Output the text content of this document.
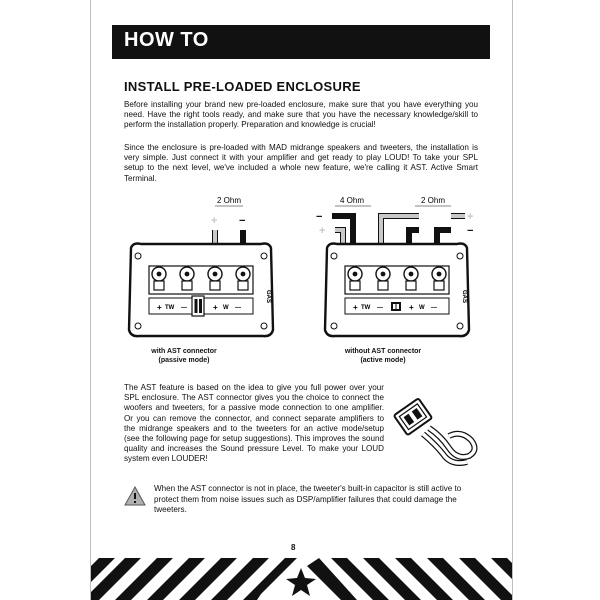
HOW TO
INSTALL PRE-LOADED ENCLOSURE
Before installing your brand new pre-loaded enclosure, make sure that you have everything you need. Have the right tools ready, and make sure that you have the necessary knowledge/skill to perform the installation properly. Preparation and knowledge is crucial!
Since the enclosure is pre-loaded with MAD midrange speakers and tweeters, the installation is very simple. Just connect it with your amplifier and get ready to play LOUD! To take your SPL setup to the next level, we've included a whole new feature, we're calling it AST. Active Smart Terminal.
+ −
2 Ohm
+ TW —	+ W —
GAS
4 Ohm	2 Ohm
−
+
+
−
+ TW —	+ W —
GAS
with AST connector
(passive mode)
without AST connector
(active mode)
The AST feature is based on the idea to give you full power over your SPL enclosure. The AST connector gives you the choice to connect the woofers and tweeters, for a passive mode connection to one amplifier. Or you can remove the connector, and connect separate amplifiers to the midrange speakers and to the tweeters for an active mode/setup (see the following page for setup suggestions). This improves the sound quality and increases the Sound pressure Level. To make your LOUD system even LOUDER!
When the AST connector is not in place, the tweeter's built-in capacitor is still active to protect them from noise issues such as DSP/amplifier failures that could damage the tweeters.
8
